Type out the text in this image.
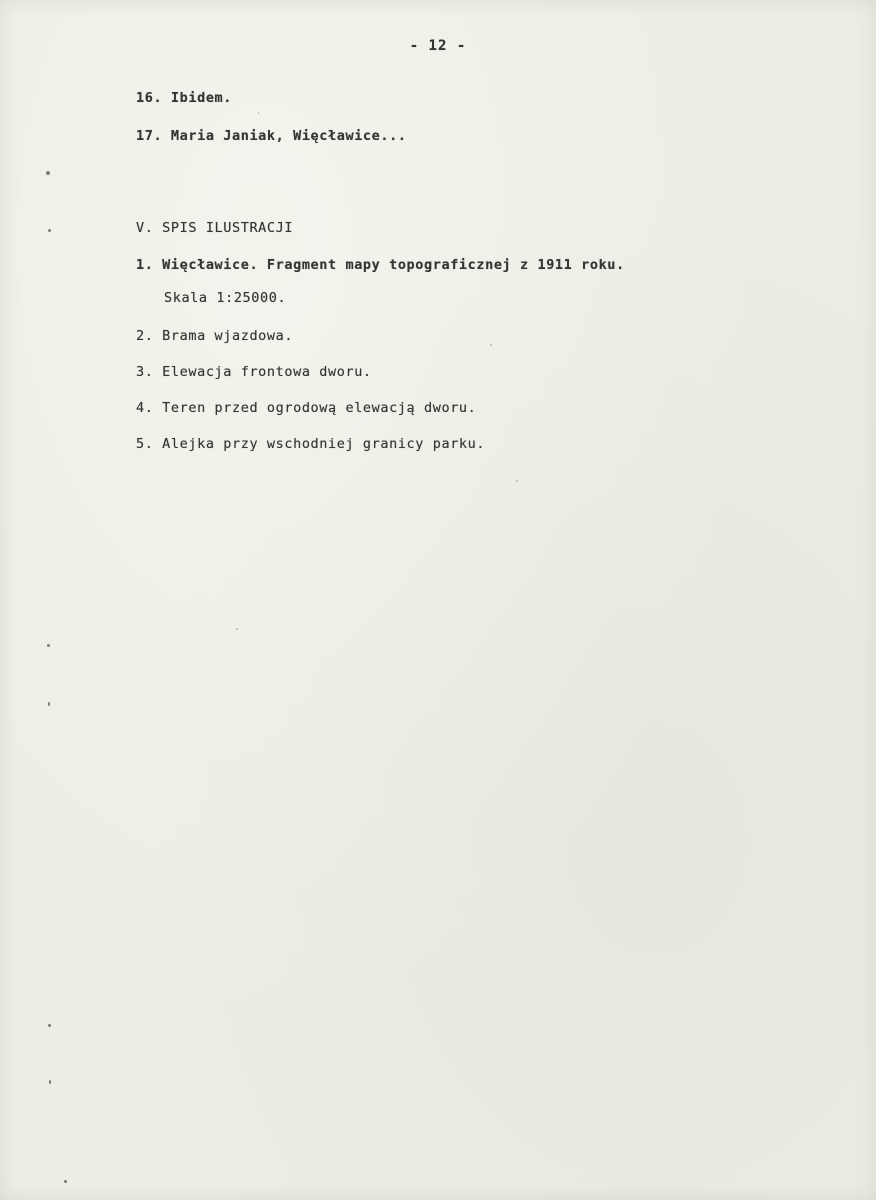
- 12 -
16. Ibidem.
17. Maria Janiak, Więcławice...
V. SPIS ILUSTRACJI
1. Więcławice. Fragment mapy topograficznej z 1911 roku.
Skala 1:25000.
2. Brama wjazdowa.
3. Elewacja frontowa dworu.
4. Teren przed ogrodową elewacją dworu.
5. Alejka przy wschodniej granicy parku.
